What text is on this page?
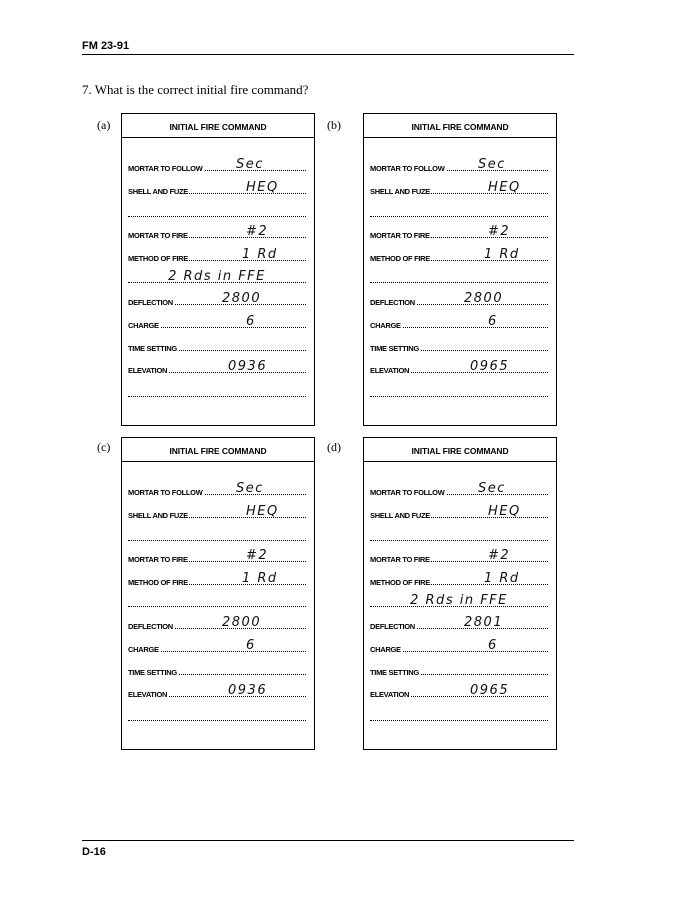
FM 23-91
7. What is the correct initial fire command?
(a)	INITIAL FIRE COMMAND
MORTAR TO FOLLOW	Sec
SHELL AND FUZE	HEQ
MORTAR TO FIRE	#2
METHOD OF FIRE	1 Rd
2 Rds in FFE
DEFLECTION	2800
CHARGE	6
TIME SETTING
ELEVATION	0936
(b)	INITIAL FIRE COMMAND
MORTAR TO FOLLOW	Sec
SHELL AND FUZE	HEQ
MORTAR TO FIRE	#2
METHOD OF FIRE	1 Rd
DEFLECTION	2800
CHARGE	6
TIME SETTING
ELEVATION	0965
(c)	INITIAL FIRE COMMAND
MORTAR TO FOLLOW	Sec
SHELL AND FUZE	HEQ
MORTAR TO FIRE	#2
METHOD OF FIRE	1 Rd
DEFLECTION	2800
CHARGE	6
TIME SETTING
ELEVATION	0936
(d)	INITIAL FIRE COMMAND
MORTAR TO FOLLOW	Sec
SHELL AND FUZE	HEQ
MORTAR TO FIRE	#2
METHOD OF FIRE	1 Rd
2 Rds in FFE
DEFLECTION	2801
CHARGE	6
TIME SETTING
ELEVATION	0965
D-16
